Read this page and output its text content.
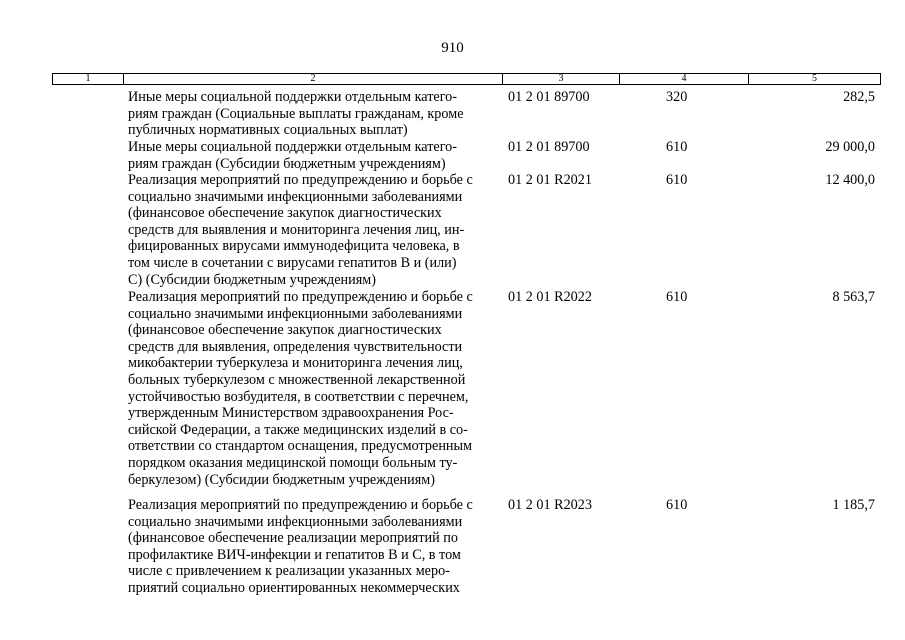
910
1	2	3	4	5
Иные меры социальной поддержки отдельным катего-
риям граждан (Социальные выплаты гражданам, кроме
публичных нормативных социальных выплат)
01 2 01 89700	320	282,5
Иные меры социальной поддержки отдельным катего-
риям граждан (Субсидии бюджетным учреждениям)
01 2 01 89700	610	29 000,0
Реализация мероприятий по предупреждению и борьбе с
социально значимыми инфекционными заболеваниями
(финансовое обеспечение закупок диагностических
средств для выявления и мониторинга лечения лиц, ин-
фицированных вирусами иммунодефицита человека, в
том числе в сочетании с вирусами гепатитов В и (или)
С) (Субсидии бюджетным учреждениям)
01 2 01 R2021	610	12 400,0
Реализация мероприятий по предупреждению и борьбе с
социально значимыми инфекционными заболеваниями
(финансовое обеспечение закупок диагностических
средств для выявления, определения чувствительности
микобактерии туберкулеза и мониторинга лечения лиц,
больных туберкулезом с множественной лекарственной
устойчивостью возбудителя, в соответствии с перечнем,
утвержденным Министерством здравоохранения Рос-
сийской Федерации, а также медицинских изделий в со-
ответствии со стандартом оснащения, предусмотренным
порядком оказания медицинской помощи больным ту-
беркулезом) (Субсидии бюджетным учреждениям)
01 2 01 R2022	610	8 563,7
Реализация мероприятий по предупреждению и борьбе с
социально значимыми инфекционными заболеваниями
(финансовое обеспечение реализации мероприятий по
профилактике ВИЧ-инфекции и гепатитов В и С, в том
числе с привлечением к реализации указанных меро-
приятий социально ориентированных некоммерческих
01 2 01 R2023	610	1 185,7
